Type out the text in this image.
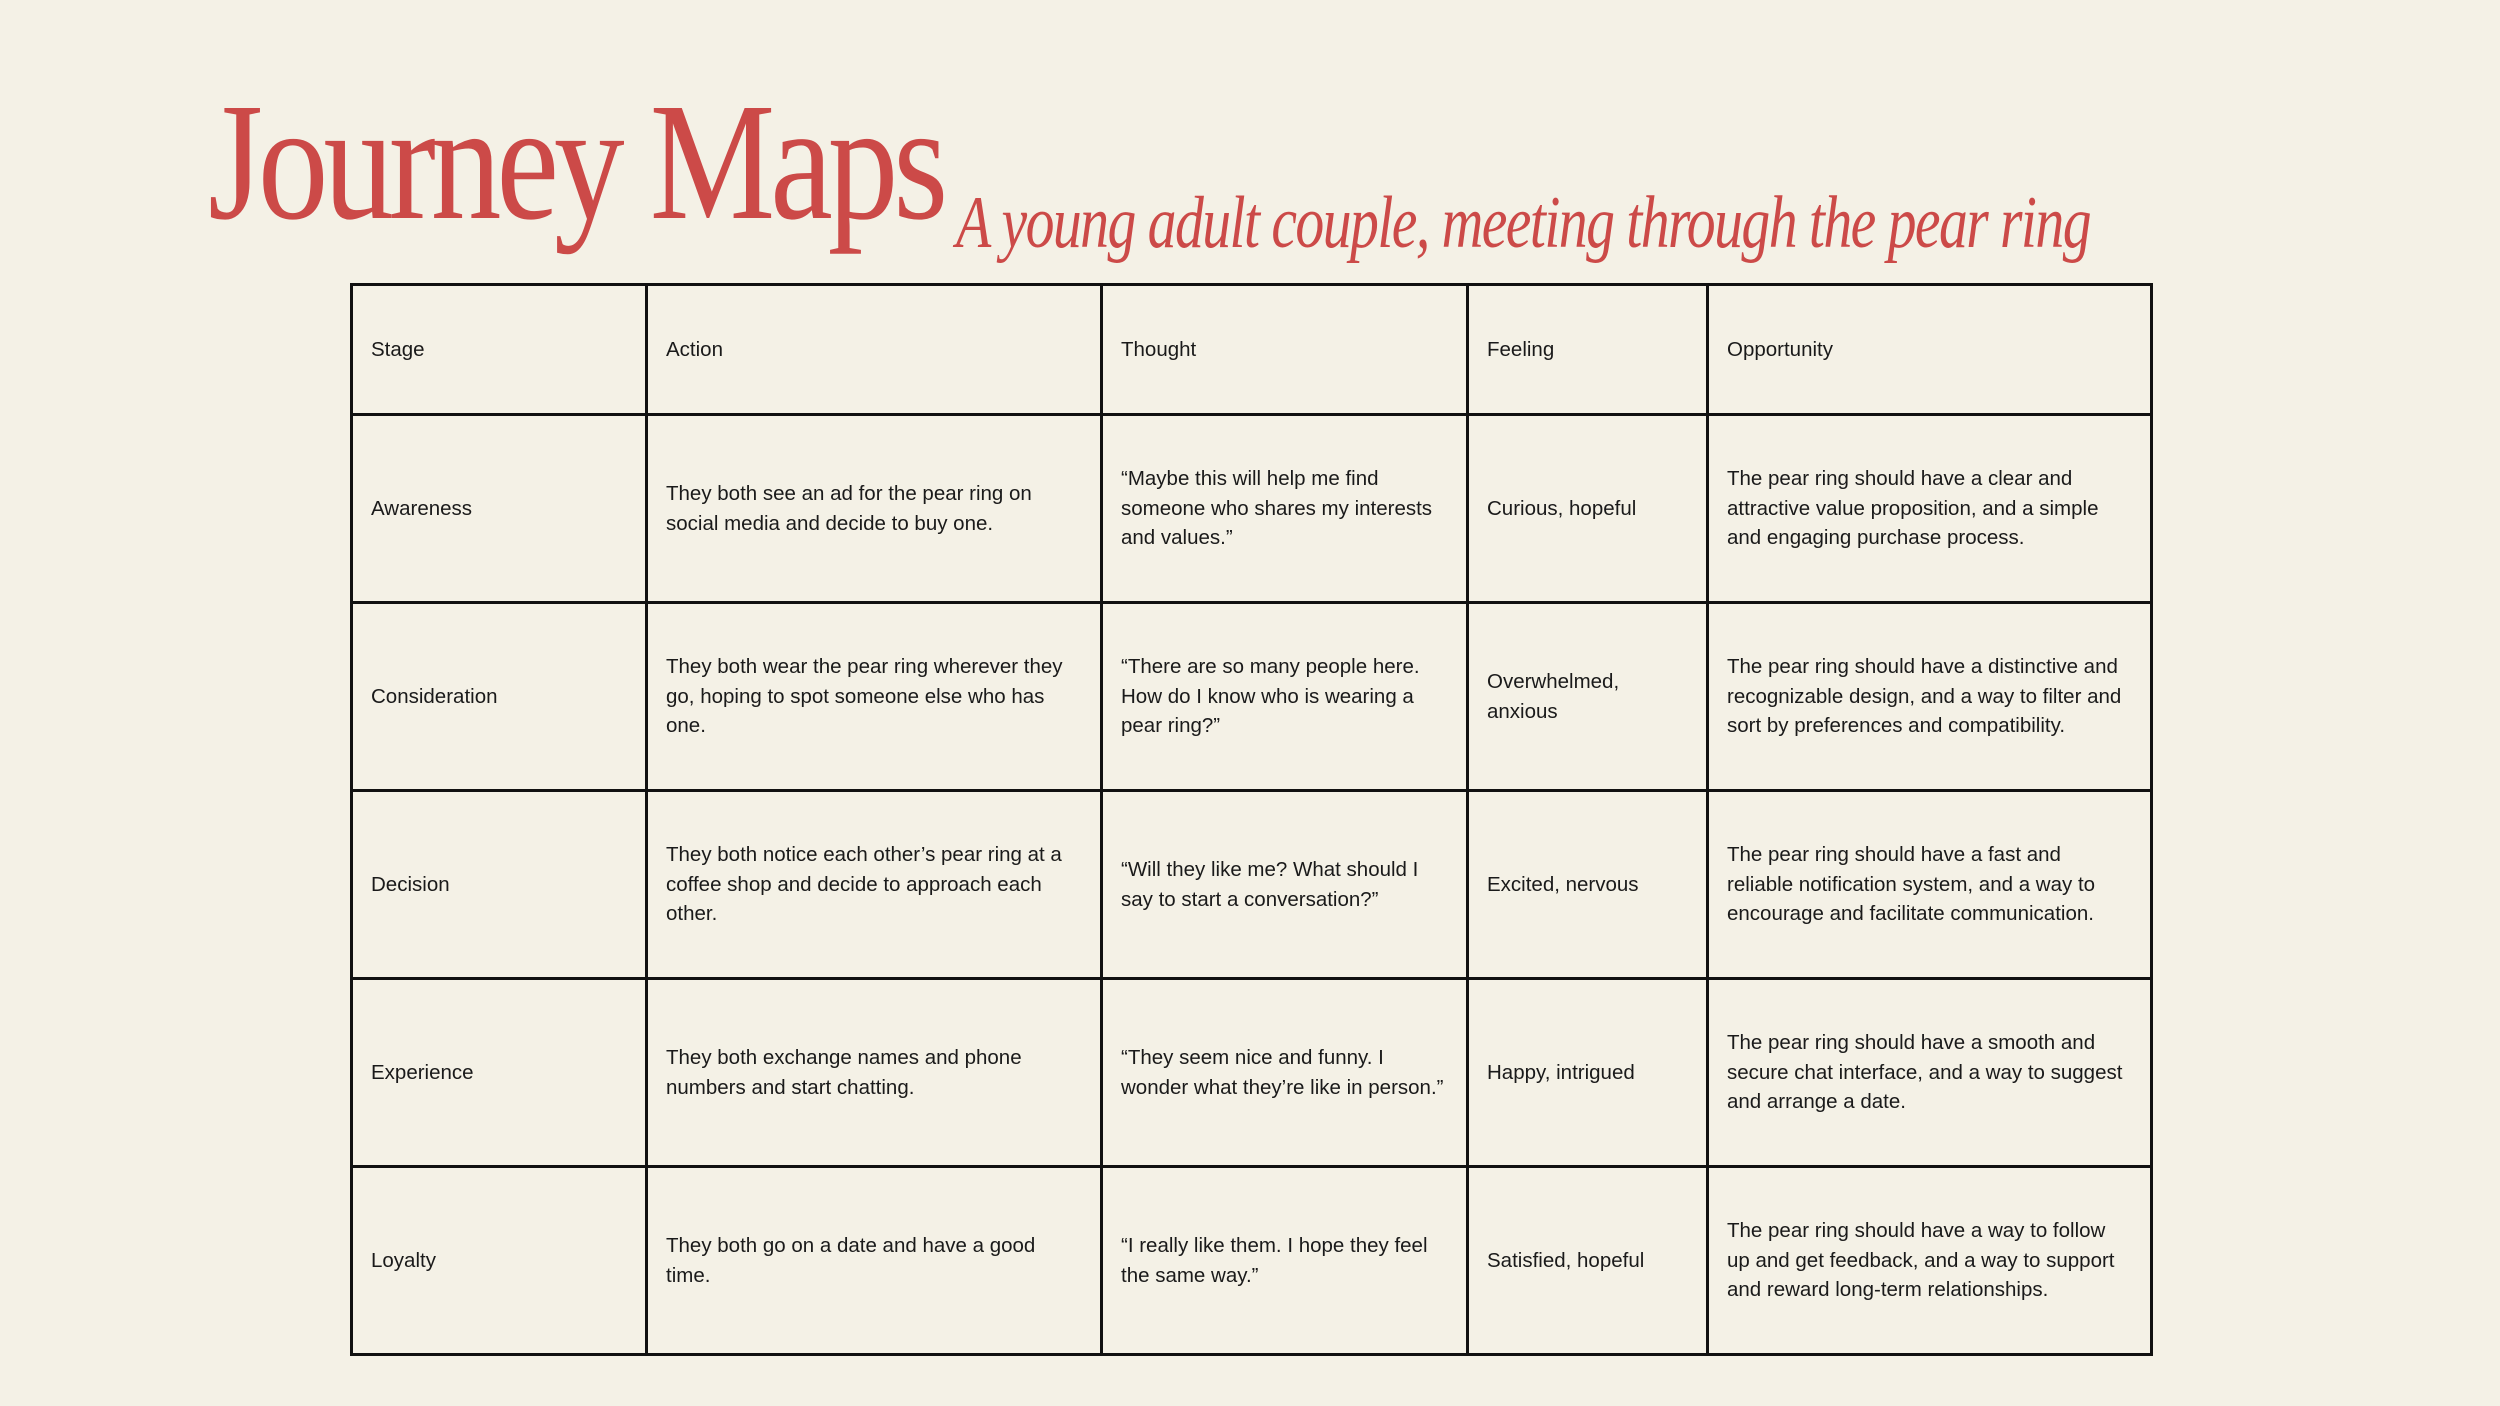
Journey Maps A young adult couple, meeting through the pear ring
Stage	Action	Thought	Feeling	Opportunity
Awareness	They both see an ad for the pear ring on social media and decide to buy one.	“Maybe this will help me find someone who shares my interests and values.”	Curious, hopeful	The pear ring should have a clear and attractive value proposition, and a simple and engaging purchase process.
Consideration	They both wear the pear ring wherever they go, hoping to spot someone else who has one.	“There are so many people here. How do I know who is wearing a pear ring?”	Overwhelmed, anxious	The pear ring should have a distinctive and recognizable design, and a way to filter and sort by preferences and compatibility.
Decision	They both notice each other’s pear ring at a coffee shop and decide to approach each other.	“Will they like me? What should I say to start a conversation?”	Excited, nervous	The pear ring should have a fast and reliable notification system, and a way to encourage and facilitate communication.
Experience	They both exchange names and phone numbers and start chatting.	“They seem nice and funny. I wonder what they’re like in person.”	Happy, intrigued	The pear ring should have a smooth and secure chat interface, and a way to suggest and arrange a date.
Loyalty	They both go on a date and have a good time.	“I really like them. I hope they feel the same way.”	Satisfied, hopeful	The pear ring should have a way to follow up and get feedback, and a way to support and reward long-term relationships.
